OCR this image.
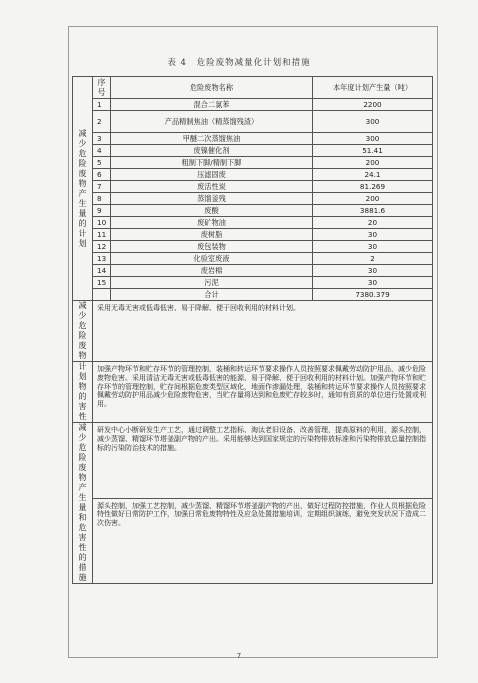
表 4 危险废物减量化计划和措施
减少危险废物产生量的计划	序号	危险废物名称	本年度计划产生量（吨）
	1	混合二氯苯	2200
	2	产品精制焦油（精蒸馏残渣）	300
	3	甲醚二次蒸馏焦油	300
	4	废镍催化剂	51.41
	5	粗制下脚/精制下脚	200
	6	压滤固废	24.1
	7	废活性炭	81.269
	8	蒸馏釜残	200
	9	废酸	3881.6
	10	废矿物油	20
	11	废树脂	30
	12	废包装物	30
	13	化验室废液	2
	14	废岩棉	30
	15	污泥	30
		合计	7380.379
减少危险废物	采用无毒无害或低毒低害、易于降解、便于回收利用的材料计划。		
计划物的害性	加强产物环节和贮存环节的管理控制，装桶和转运环节要求操作人员按照要求佩戴劳动防护用品，减少危险废物危害。采用清洁无毒无害或低毒低害的能源、易于降解、便于回收利用的材料计划。加强产物环节和贮存环节的管理控制，贮存间根据危废类型区域化，地面作渗漏处理，装桶和转运环节要求操作人员按照要求佩戴劳动防护用品减少危险废物危害，当贮存量将达到和危废贮存较多时，通知有资质的单位进行处置或利用。		
减少危险废物产生量和危害性的措施	研发中心小断研发生产工艺，通过调整工艺指标、淘汰老旧设备、改善管理，提高原料的利用，源头控制，减少蒸馏、精馏环节塔釜副产物的产出。采用能够达到国家规定的污染物排放标准和污染物排放总量控制指标的污染防治技术的措施。		
	源头控制，加强工艺控制，减少蒸馏、精馏环节塔釜副产物的产出，做好过程防控措施，作业人员根据危险特性做好日常防护工作，加强日常危废物特性及应急处置措施培训，定期组织演练，避免突发状况下造成二次伤害。		
7
